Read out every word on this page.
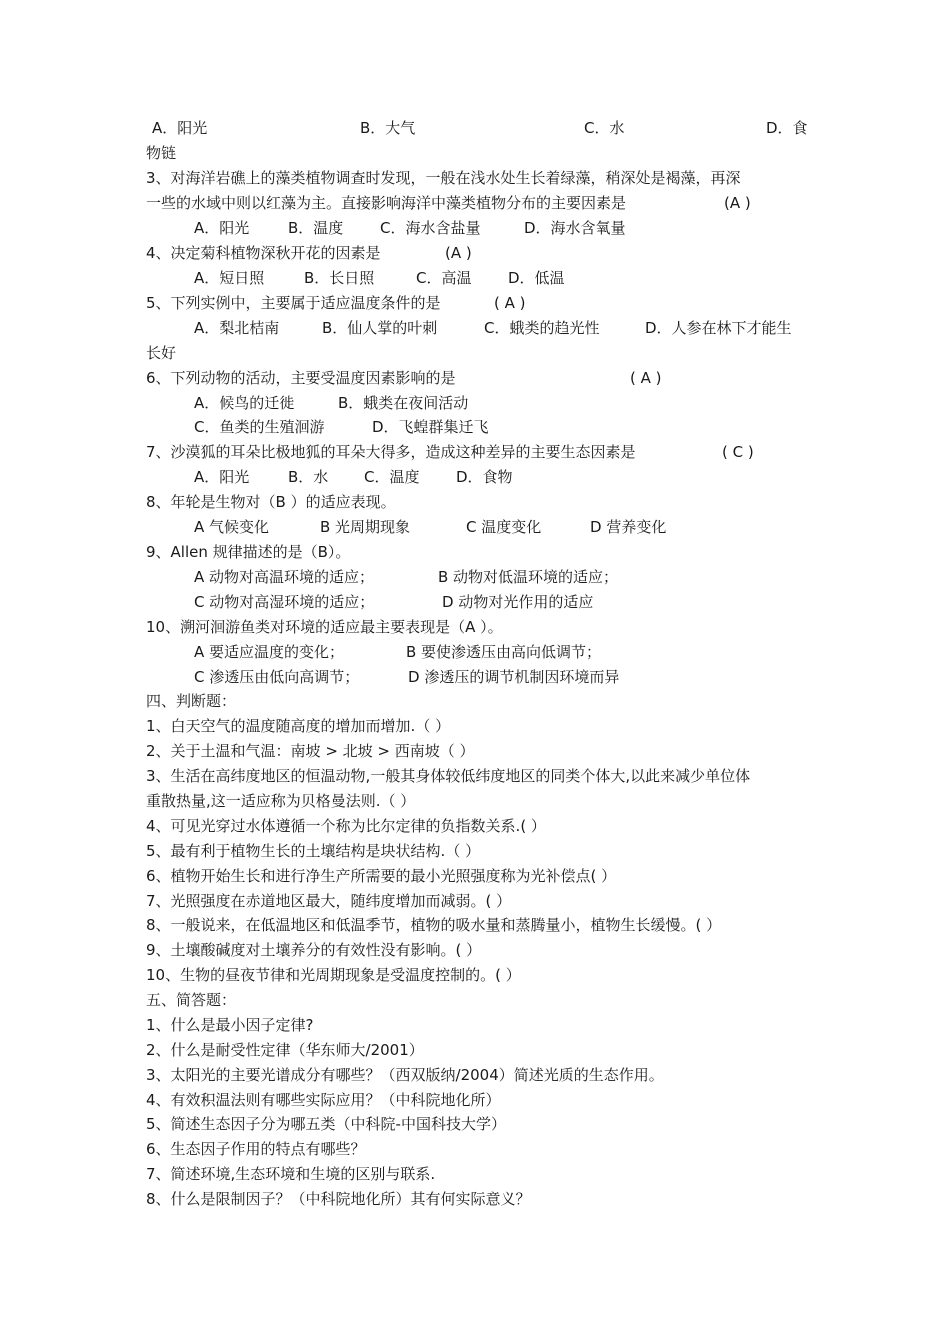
A．阳光	B．大气	C．水	D．食
物链
3、对海洋岩礁上的藻类植物调查时发现，一般在浅水处生长着绿藻，稍深处是褐藻，再深
一些的水域中则以红藻为主。直接影响海洋中藻类植物分布的主要因素是	(A )
A．阳光	B．温度 C．海水含盐量	D．海水含氧量
4、决定菊科植物深秋开花的因素是	(A )
A．短日照	B．长日照	C．高温 D．低温
5、下列实例中，主要属于适应温度条件的是	( A )
A．梨北桔南	B．仙人掌的叶刺	C．蛾类的趋光性	D．人参在林下才能生
长好
6、下列动物的活动，主要受温度因素影响的是	( A )
A．候鸟的迁徙	B．蛾类在夜间活动
C．鱼类的生殖洄游	D．飞蝗群集迁飞
7、沙漠狐的耳朵比极地狐的耳朵大得多，造成这种差异的主要生态因素是	( C )
A．阳光	B．水 C．温度 D．食物
8、年轮是生物对（B ）的适应表现。
A 气候变化	B 光周期现象	C 温度变化	D 营养变化
9、Allen 规律描述的是（B）。
A 动物对高温环境的适应；	B 动物对低温环境的适应；
C 动物对高湿环境的适应；	D 动物对光作用的适应
10、溯河洄游鱼类对环境的适应最主要表现是（A ）。
A 要适应温度的变化；	B 要使渗透压由高向低调节；
C 渗透压由低向高调节；	D 渗透压的调节机制因环境而异
四、判断题：
1、白天空气的温度随高度的增加而增加.（ ）
2、关于土温和气温：南坡 > 北坡 > 西南坡（ ）
3、生活在高纬度地区的恒温动物,一般其身体较低纬度地区的同类个体大,以此来减少单位体
重散热量,这一适应称为贝格曼法则.（ ）
4、可见光穿过水体遵循一个称为比尔定律的负指数关系.( ）
5、最有利于植物生长的土壤结构是块状结构.（ ）
6、植物开始生长和进行净生产所需要的最小光照强度称为光补偿点( ）
7、光照强度在赤道地区最大，随纬度增加而减弱。( ）
8、一般说来，在低温地区和低温季节，植物的吸水量和蒸腾量小，植物生长缓慢。( ）
9、土壤酸碱度对土壤养分的有效性没有影响。( ）
10、生物的昼夜节律和光周期现象是受温度控制的。( ）
五、简答题：
1、什么是最小因子定律?
2、什么是耐受性定律（华东师大/2001）
3、太阳光的主要光谱成分有哪些？（西双版纳/2004）简述光质的生态作用。
4、有效积温法则有哪些实际应用？（中科院地化所）
5、简述生态因子分为哪五类（中科院-中国科技大学）
6、生态因子作用的特点有哪些？
7、简述环境,生态环境和生境的区别与联系.
8、什么是限制因子？（中科院地化所）其有何实际意义？
